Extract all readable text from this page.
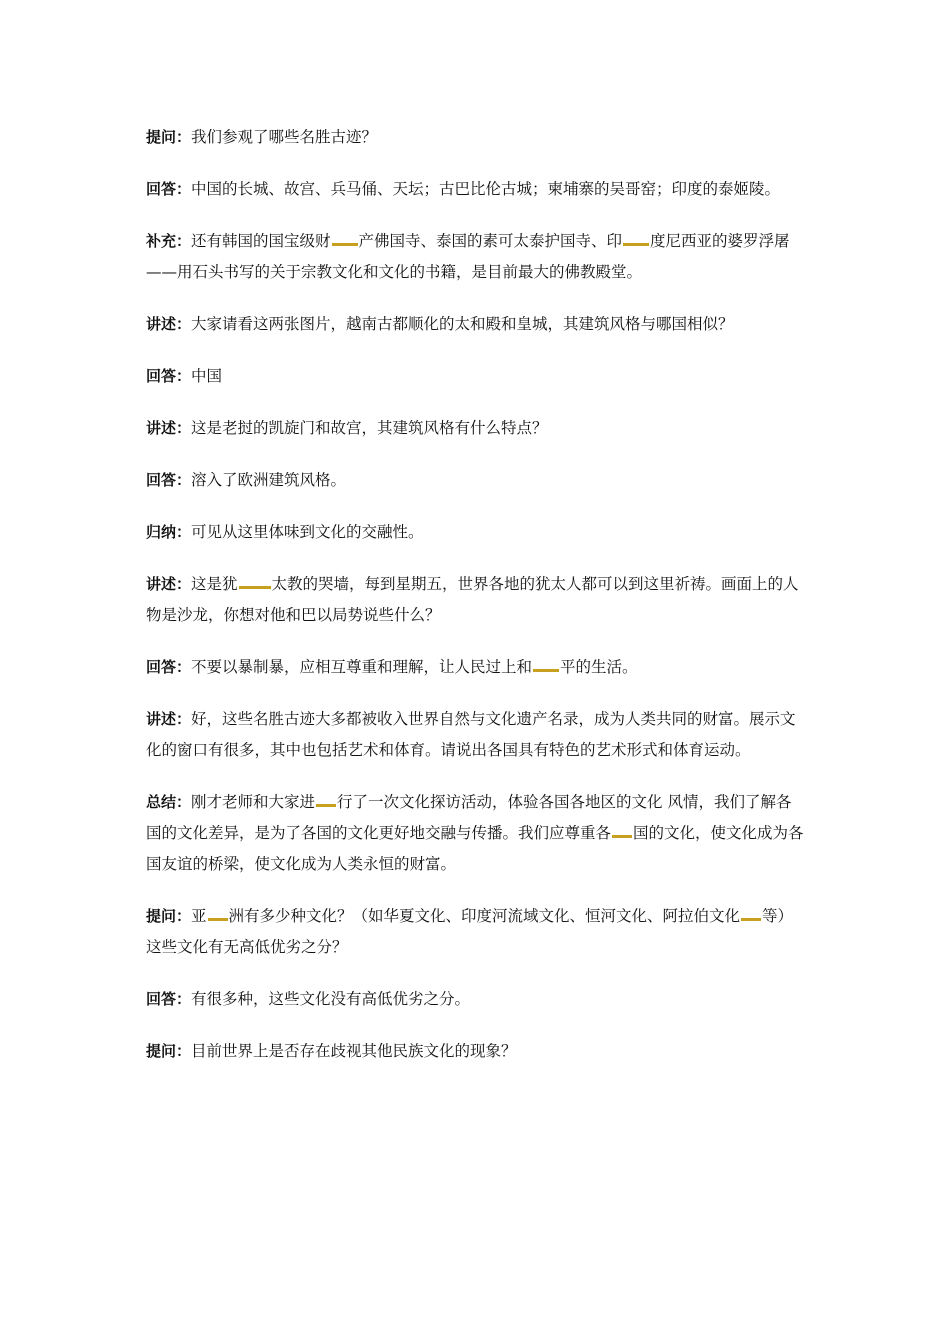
提问：我们参观了哪些名胜古迹？

回答：中国的长城、故宫、兵马俑、天坛；古巴比伦古城；柬埔寨的吴哥窑；印度的泰姬陵。

补充：还有韩国的国宝级财 产佛国寺、泰国的素可太泰护国寺、印 度尼西亚的婆罗浮屠——用石头书写的关于宗教文化和文化的书籍，是目前最大的佛教殿堂。

讲述：大家请看这两张图片，越南古都顺化的太和殿和皇城，其建筑风格与哪国相似？

回答：中国

讲述：这是老挝的凯旋门和故宫，其建筑风格有什么特点？

回答：溶入了欧洲建筑风格。

归纳：可见从这里体味到文化的交融性。

讲述：这是犹 太教的哭墙，每到星期五，世界各地的犹太人都可以到这里祈祷。画面上的人物是沙龙，你想对他和巴以局势说些什么？

回答：不要以暴制暴，应相互尊重和理解，让人民过上和 平的生活。

讲述：好，这些名胜古迹大多都被收入世界自然与文化遗产名录，成为人类共同的财富。展示文化的窗口有很多，其中也包括艺术和体育。请说出各国具有特色的艺术形式和体育运动。

总结：刚才老师和大家进 行了一次文化探访活动，体验各国各地区的文化 风情，我们了解各国的文化差异，是为了各国的文化更好地交融与传播。我们应尊重各 国的文化，使文化成为各国友谊的桥梁，使文化成为人类永恒的财富。

提问：亚 洲有多少种文化？（如华夏文化、印度河流域文化、恒河文化、阿拉伯文化 等）这些文化有无高低优劣之分？

回答：有很多种，这些文化没有高低优劣之分。

提问：目前世界上是否存在歧视其他民族文化的现象？
